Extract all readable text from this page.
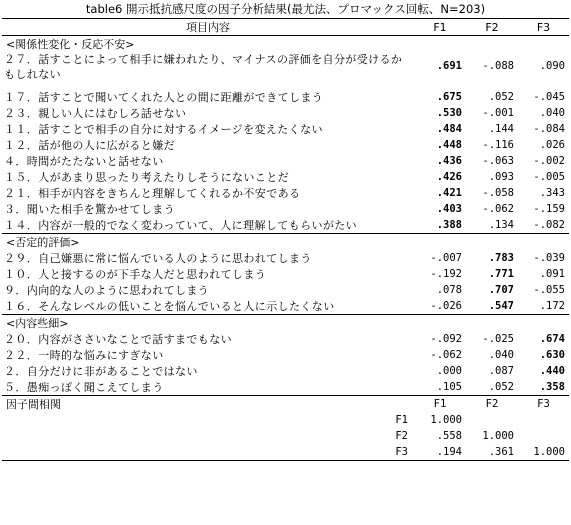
table6 開示抵抗感尺度の因子分析結果(最尤法、プロマックス回転、N=203)
項目内容	F1	F2	F3
<関係性変化・反応不安>			
２７．話すことによって相手に嫌われたり、マイナスの評価を自分が受けるかもしれない	.691	-.088	.090
１７．話すことで聞いてくれた人との間に距離ができてしまう	.675	.052	-.045
２３．親しい人にはむしろ話せない	.530	-.001	.040
１１．話すことで相手の自分に対するイメージを変えたくない	.484	.144	-.084
１２．話が他の人に広がると嫌だ	.448	-.116	.026
４．時間がたたないと話せない	.436	-.063	-.002
１５．人があまり思ったり考えたりしそうにないことだ	.426	.093	-.005
２１．相手が内容をきちんと理解してくれるか不安である	.421	-.058	.343
３．聞いた相手を驚かせてしまう	.403	-.062	-.159
１４．内容が一般的でなく変わっていて、人に理解してもらいがたい	.388	.134	-.082
<否定的評価>			
２９．自己嫌悪に常に悩んでいる人のように思われてしまう	-.007	.783	-.039
１０．人と接するのが下手な人だと思われてしまう	-.192	.771	.091
９．内向的な人のように思われてしまう	.078	.707	-.055
１６．そんなレベルの低いことを悩んでいると人に示したくない	-.026	.547	.172
<内容些細>			
２０．内容がささいなことで話すまでもない	-.092	-.025	.674
２２．一時的な悩みにすぎない	-.062	.040	.630
２．自分だけに非があることではない	.000	.087	.440
５．愚痴っぽく聞こえてしまう	.105	.052	.358
因子間相関	F1	F2	F3
F1	1.000		
F2	.558	1.000	
F3	.194	.361	1.000
